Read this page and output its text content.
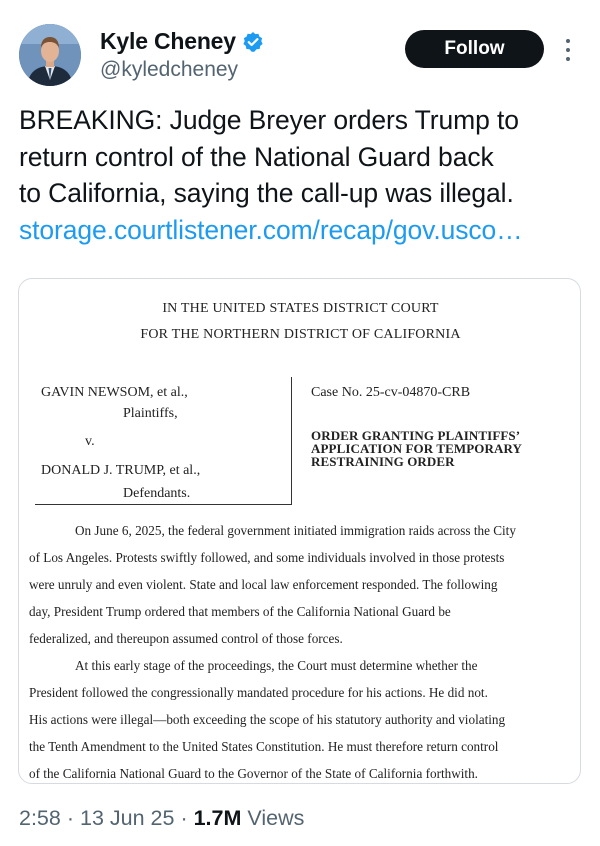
Kyle Cheney
@kyledcheney
Follow
BREAKING: Judge Breyer orders Trump to
return control of the National Guard back
to California, saying the call-up was illegal.
storage.courtlistener.com/recap/gov.usco…
IN THE UNITED STATES DISTRICT COURT
FOR THE NORTHERN DISTRICT OF CALIFORNIA
GAVIN NEWSOM, et al.,
Plaintiffs,
v.
DONALD J. TRUMP, et al.,
Defendants.
Case No. 25-cv-04870-CRB
ORDER GRANTING PLAINTIFFS’
APPLICATION FOR TEMPORARY
RESTRAINING ORDER
On June 6, 2025, the federal government initiated immigration raids across the City
of Los Angeles. Protests swiftly followed, and some individuals involved in those protests
were unruly and even violent. State and local law enforcement responded. The following
day, President Trump ordered that members of the California National Guard be
federalized, and thereupon assumed control of those forces.
At this early stage of the proceedings, the Court must determine whether the
President followed the congressionally mandated procedure for his actions. He did not.
His actions were illegal—both exceeding the scope of his statutory authority and violating
the Tenth Amendment to the United States Constitution. He must therefore return control
of the California National Guard to the Governor of the State of California forthwith.
2:58 · 13 Jun 25 · 1.7M Views
